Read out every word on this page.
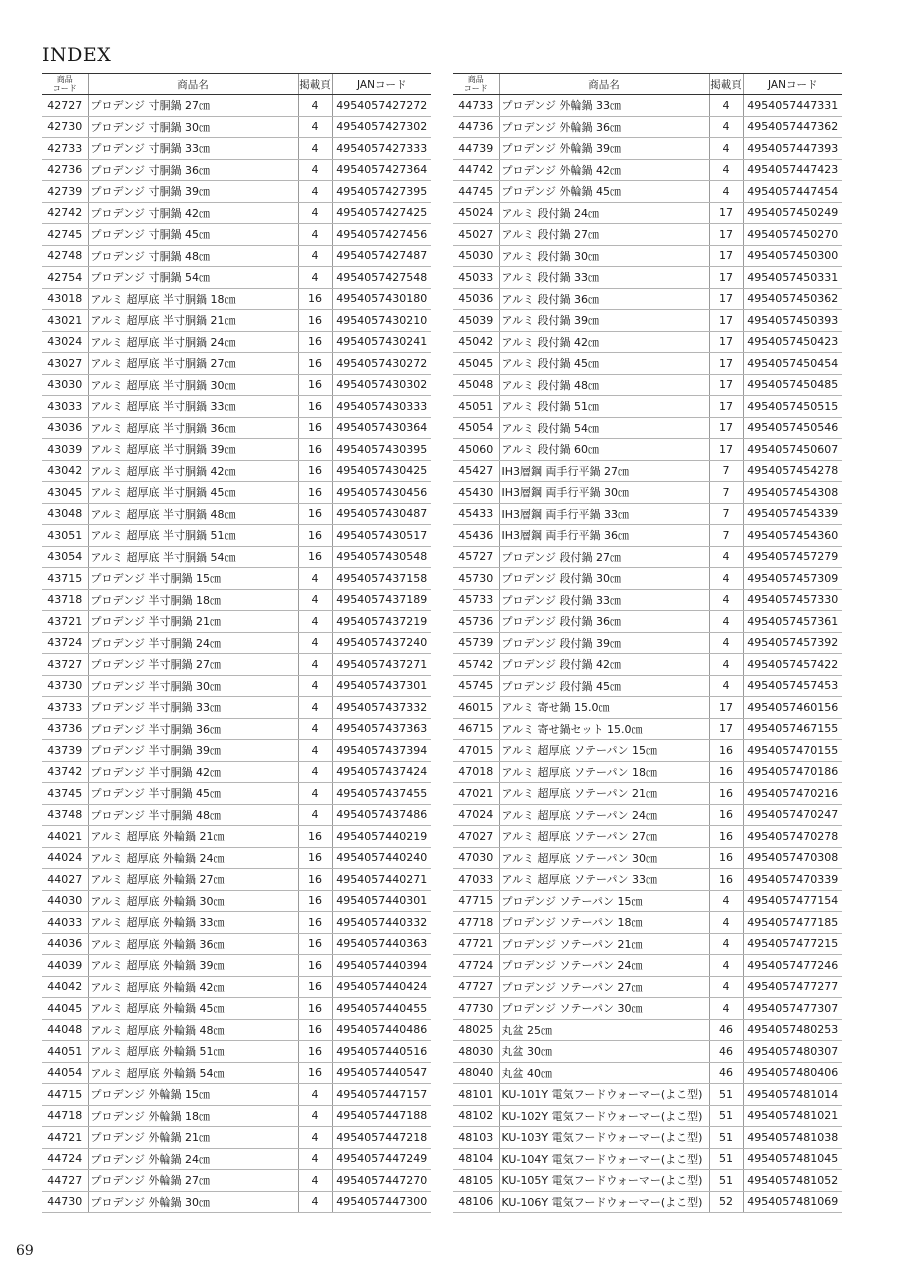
INDEX
商品
コード	商品名	掲載頁	JANコード
42727	プロデンジ 寸胴鍋 27㎝	4	4954057427272
42730	プロデンジ 寸胴鍋 30㎝	4	4954057427302
42733	プロデンジ 寸胴鍋 33㎝	4	4954057427333
42736	プロデンジ 寸胴鍋 36㎝	4	4954057427364
42739	プロデンジ 寸胴鍋 39㎝	4	4954057427395
42742	プロデンジ 寸胴鍋 42㎝	4	4954057427425
42745	プロデンジ 寸胴鍋 45㎝	4	4954057427456
42748	プロデンジ 寸胴鍋 48㎝	4	4954057427487
42754	プロデンジ 寸胴鍋 54㎝	4	4954057427548
43018	アルミ 超厚底 半寸胴鍋 18㎝	16	4954057430180
43021	アルミ 超厚底 半寸胴鍋 21㎝	16	4954057430210
43024	アルミ 超厚底 半寸胴鍋 24㎝	16	4954057430241
43027	アルミ 超厚底 半寸胴鍋 27㎝	16	4954057430272
43030	アルミ 超厚底 半寸胴鍋 30㎝	16	4954057430302
43033	アルミ 超厚底 半寸胴鍋 33㎝	16	4954057430333
43036	アルミ 超厚底 半寸胴鍋 36㎝	16	4954057430364
43039	アルミ 超厚底 半寸胴鍋 39㎝	16	4954057430395
43042	アルミ 超厚底 半寸胴鍋 42㎝	16	4954057430425
43045	アルミ 超厚底 半寸胴鍋 45㎝	16	4954057430456
43048	アルミ 超厚底 半寸胴鍋 48㎝	16	4954057430487
43051	アルミ 超厚底 半寸胴鍋 51㎝	16	4954057430517
43054	アルミ 超厚底 半寸胴鍋 54㎝	16	4954057430548
43715	プロデンジ 半寸胴鍋 15㎝	4	4954057437158
43718	プロデンジ 半寸胴鍋 18㎝	4	4954057437189
43721	プロデンジ 半寸胴鍋 21㎝	4	4954057437219
43724	プロデンジ 半寸胴鍋 24㎝	4	4954057437240
43727	プロデンジ 半寸胴鍋 27㎝	4	4954057437271
43730	プロデンジ 半寸胴鍋 30㎝	4	4954057437301
43733	プロデンジ 半寸胴鍋 33㎝	4	4954057437332
43736	プロデンジ 半寸胴鍋 36㎝	4	4954057437363
43739	プロデンジ 半寸胴鍋 39㎝	4	4954057437394
43742	プロデンジ 半寸胴鍋 42㎝	4	4954057437424
43745	プロデンジ 半寸胴鍋 45㎝	4	4954057437455
43748	プロデンジ 半寸胴鍋 48㎝	4	4954057437486
44021	アルミ 超厚底 外輪鍋 21㎝	16	4954057440219
44024	アルミ 超厚底 外輪鍋 24㎝	16	4954057440240
44027	アルミ 超厚底 外輪鍋 27㎝	16	4954057440271
44030	アルミ 超厚底 外輪鍋 30㎝	16	4954057440301
44033	アルミ 超厚底 外輪鍋 33㎝	16	4954057440332
44036	アルミ 超厚底 外輪鍋 36㎝	16	4954057440363
44039	アルミ 超厚底 外輪鍋 39㎝	16	4954057440394
44042	アルミ 超厚底 外輪鍋 42㎝	16	4954057440424
44045	アルミ 超厚底 外輪鍋 45㎝	16	4954057440455
44048	アルミ 超厚底 外輪鍋 48㎝	16	4954057440486
44051	アルミ 超厚底 外輪鍋 51㎝	16	4954057440516
44054	アルミ 超厚底 外輪鍋 54㎝	16	4954057440547
44715	プロデンジ 外輪鍋 15㎝	4	4954057447157
44718	プロデンジ 外輪鍋 18㎝	4	4954057447188
44721	プロデンジ 外輪鍋 21㎝	4	4954057447218
44724	プロデンジ 外輪鍋 24㎝	4	4954057447249
44727	プロデンジ 外輪鍋 27㎝	4	4954057447270
44730	プロデンジ 外輪鍋 30㎝	4	4954057447300
商品
コード	商品名	掲載頁	JANコード
44733	プロデンジ 外輪鍋 33㎝	4	4954057447331
44736	プロデンジ 外輪鍋 36㎝	4	4954057447362
44739	プロデンジ 外輪鍋 39㎝	4	4954057447393
44742	プロデンジ 外輪鍋 42㎝	4	4954057447423
44745	プロデンジ 外輪鍋 45㎝	4	4954057447454
45024	アルミ 段付鍋 24㎝	17	4954057450249
45027	アルミ 段付鍋 27㎝	17	4954057450270
45030	アルミ 段付鍋 30㎝	17	4954057450300
45033	アルミ 段付鍋 33㎝	17	4954057450331
45036	アルミ 段付鍋 36㎝	17	4954057450362
45039	アルミ 段付鍋 39㎝	17	4954057450393
45042	アルミ 段付鍋 42㎝	17	4954057450423
45045	アルミ 段付鍋 45㎝	17	4954057450454
45048	アルミ 段付鍋 48㎝	17	4954057450485
45051	アルミ 段付鍋 51㎝	17	4954057450515
45054	アルミ 段付鍋 54㎝	17	4954057450546
45060	アルミ 段付鍋 60㎝	17	4954057450607
45427	IH3層鋼 両手行平鍋 27㎝	7	4954057454278
45430	IH3層鋼 両手行平鍋 30㎝	7	4954057454308
45433	IH3層鋼 両手行平鍋 33㎝	7	4954057454339
45436	IH3層鋼 両手行平鍋 36㎝	7	4954057454360
45727	プロデンジ 段付鍋 27㎝	4	4954057457279
45730	プロデンジ 段付鍋 30㎝	4	4954057457309
45733	プロデンジ 段付鍋 33㎝	4	4954057457330
45736	プロデンジ 段付鍋 36㎝	4	4954057457361
45739	プロデンジ 段付鍋 39㎝	4	4954057457392
45742	プロデンジ 段付鍋 42㎝	4	4954057457422
45745	プロデンジ 段付鍋 45㎝	4	4954057457453
46015	アルミ 寄せ鍋 15.0㎝	17	4954057460156
46715	アルミ 寄せ鍋セット 15.0㎝	17	4954057467155
47015	アルミ 超厚底 ソテーパン 15㎝	16	4954057470155
47018	アルミ 超厚底 ソテーパン 18㎝	16	4954057470186
47021	アルミ 超厚底 ソテーパン 21㎝	16	4954057470216
47024	アルミ 超厚底 ソテーパン 24㎝	16	4954057470247
47027	アルミ 超厚底 ソテーパン 27㎝	16	4954057470278
47030	アルミ 超厚底 ソテーパン 30㎝	16	4954057470308
47033	アルミ 超厚底 ソテーパン 33㎝	16	4954057470339
47715	プロデンジ ソテーパン 15㎝	4	4954057477154
47718	プロデンジ ソテーパン 18㎝	4	4954057477185
47721	プロデンジ ソテーパン 21㎝	4	4954057477215
47724	プロデンジ ソテーパン 24㎝	4	4954057477246
47727	プロデンジ ソテーパン 27㎝	4	4954057477277
47730	プロデンジ ソテーパン 30㎝	4	4954057477307
48025	丸盆 25㎝	46	4954057480253
48030	丸盆 30㎝	46	4954057480307
48040	丸盆 40㎝	46	4954057480406
48101	KU-101Y 電気フードウォーマー(よこ型)	51	4954057481014
48102	KU-102Y 電気フードウォーマー(よこ型)	51	4954057481021
48103	KU-103Y 電気フードウォーマー(よこ型)	51	4954057481038
48104	KU-104Y 電気フードウォーマー(よこ型)	51	4954057481045
48105	KU-105Y 電気フードウォーマー(よこ型)	51	4954057481052
48106	KU-106Y 電気フードウォーマー(よこ型)	52	4954057481069
69
